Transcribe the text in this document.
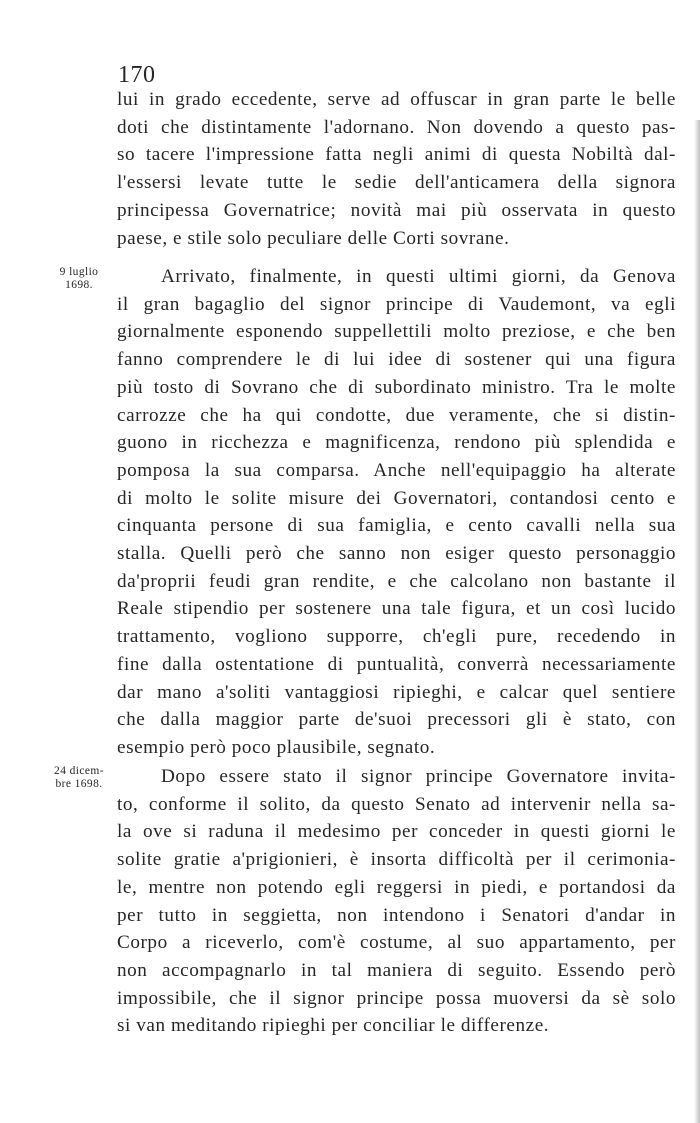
170
lui in grado eccedente, serve ad offuscar in gran parte le belle
doti che distintamente l'adornano. Non dovendo a questo pas-
so tacere l'impressione fatta negli animi di questa Nobiltà dal-
l'essersi levate tutte le sedie dell'anticamera della signora
principessa Governatrice; novità mai più osservata in questo
paese, e stile solo peculiare delle Corti sovrane.
9 luglio
1698.	Arrivato, finalmente, in questi ultimi giorni, da Genova
il gran bagaglio del signor principe di Vaudemont, va egli
giornalmente esponendo suppellettili molto preziose, e che ben
fanno comprendere le di lui idee di sostener qui una figura
più tosto di Sovrano che di subordinato ministro. Tra le molte
carrozze che ha qui condotte, due veramente, che si distin-
guono in ricchezza e magnificenza, rendono più splendida e
pomposa la sua comparsa. Anche nell'equipaggio ha alterate
di molto le solite misure dei Governatori, contandosi cento e
cinquanta persone di sua famiglia, e cento cavalli nella sua
stalla. Quelli però che sanno non esiger questo personaggio
da'proprii feudi gran rendite, e che calcolano non bastante il
Reale stipendio per sostenere una tale figura, et un così lucido
trattamento, vogliono supporre, ch'egli pure, recedendo in
fine dalla ostentatione di puntualità, converrà necessariamente
dar mano a'soliti vantaggiosi ripieghi, e calcar quel sentiere
che dalla maggior parte de'suoi precessori gli è stato, con
esempio però poco plausibile, segnato.
24 dicem-
bre 1698.	Dopo essere stato il signor principe Governatore invita-
to, conforme il solito, da questo Senato ad intervenir nella sa-
la ove si raduna il medesimo per conceder in questi giorni le
solite gratie a'prigionieri, è insorta difficoltà per il cerimonia-
le, mentre non potendo egli reggersi in piedi, e portandosi da
per tutto in seggietta, non intendono i Senatori d'andar in
Corpo a riceverlo, com'è costume, al suo appartamento, per
non accompagnarlo in tal maniera di seguito. Essendo però
impossibile, che il signor principe possa muoversi da sè solo
si van meditando ripieghi per conciliar le differenze.
